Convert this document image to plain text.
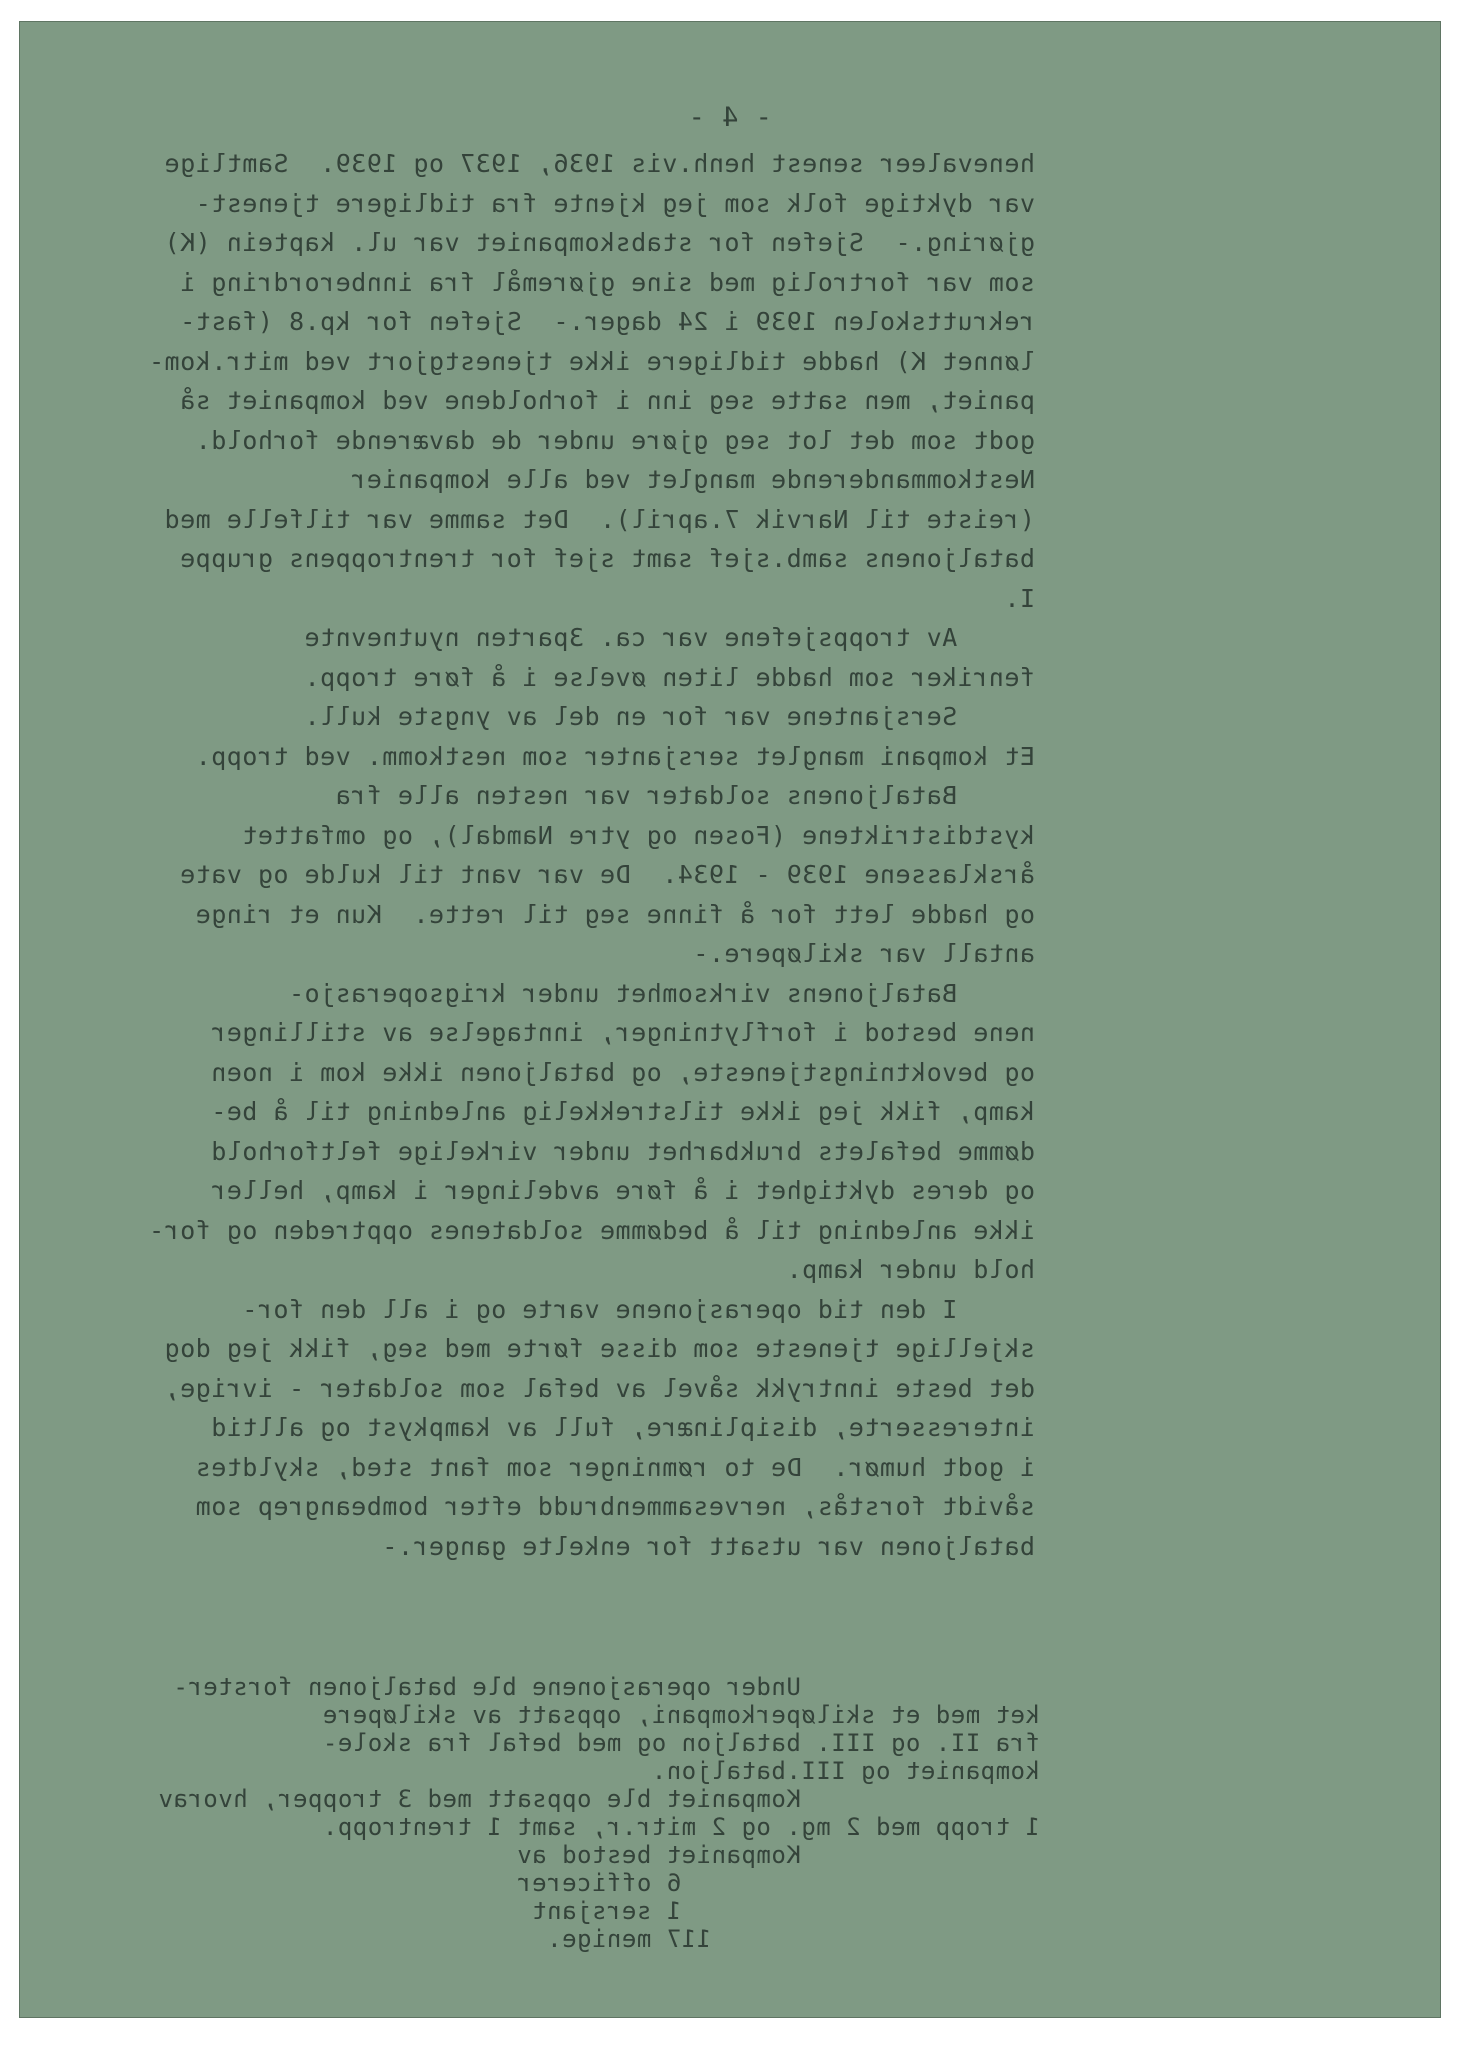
- 4 -

henevaleer senest henh.vis 1936, 1937 og 1939.  Samtlige

var dyktige folk som jeg kjente fra tidligere tjenest-

gjøring.-  Sjefen for stabskompaniet var ul. kaptein (K)

som var fortrolig med sine gjøremål fra innberordring i

rekruttskolen 1939 i 24 dager.-  Sjefen for kp.8 (fast-

lønnet K) hadde tidligere ikke tjenestgjort ved mitr.kom-

paniet, men satte seg inn i forholdene ved kompaniet så

godt som det lot seg gjøre under de daværende forhold.

Nestkommanderende manglet ved alle kompanier

(reiste til Narvik 7.april).  Det samme var tilfelle med

bataljonens samb.sjef samt sjef for trentroppens gruppe

I.

Av troppsjefene var ca. 3parten nyutnevnte

fenriker som hadde liten øvelse i å føre tropp.

Sersjantene var for en del av yngste kull.

Et kompani manglet sersjanter som nestkomm. ved tropp.

Bataljonens soldater var nesten alle fra

kystdistriktene (Fosen og ytre Namdal), og omfattet

årsklassene 1939 - 1934.  De var vant til kulde og vate

og hadde lett for å finne seg til rette.  Kun et ringe

antall var skiløpere.-

Bataljonens virksomhet under krigsoperasjo-

nene bestod i forflytninger, inntagelse av stillinger

og bevoktningstjeneste, og bataljonen ikke kom i noen

kamp, fikk jeg ikke tilstrekkelig anledning til å be-

dømme befalets brukbarhet under virkelige feltforhold

og deres dyktighet i å føre avdelinger i kamp, heller

ikke anledning til å bedømme soldatenes opptreden og for-

hold under kamp.

I den tid operasjonene varte og i all den for-

skjellige tjeneste som disse førte med seg, fikk jeg dog

det beste inntrykk såvel av befal som soldater - ivrige,

interesserte, disiplinære, full av kampkyst og alltid

i godt humør.  De to rømninger som fant sted, skyldtes

såvidt forstås, nervesammenbrudd efter bombeangrep som

bataljonen var utsatt for enkelte ganger.-

Under operasjonene ble bataljonen forster-

ket med et skiløperkompani, oppsatt av skiløpere

fra II. og III. bataljon og med befal fra skole-

kompaniet og III.bataljon.

Kompaniet ble oppsatt med 3 tropper, hvorav

1 tropp med 2 mg. og 2 mitr.r, samt 1 trentropp.

Kompaniet bestod av

6 officerer

1 sersjant

117 menige.
